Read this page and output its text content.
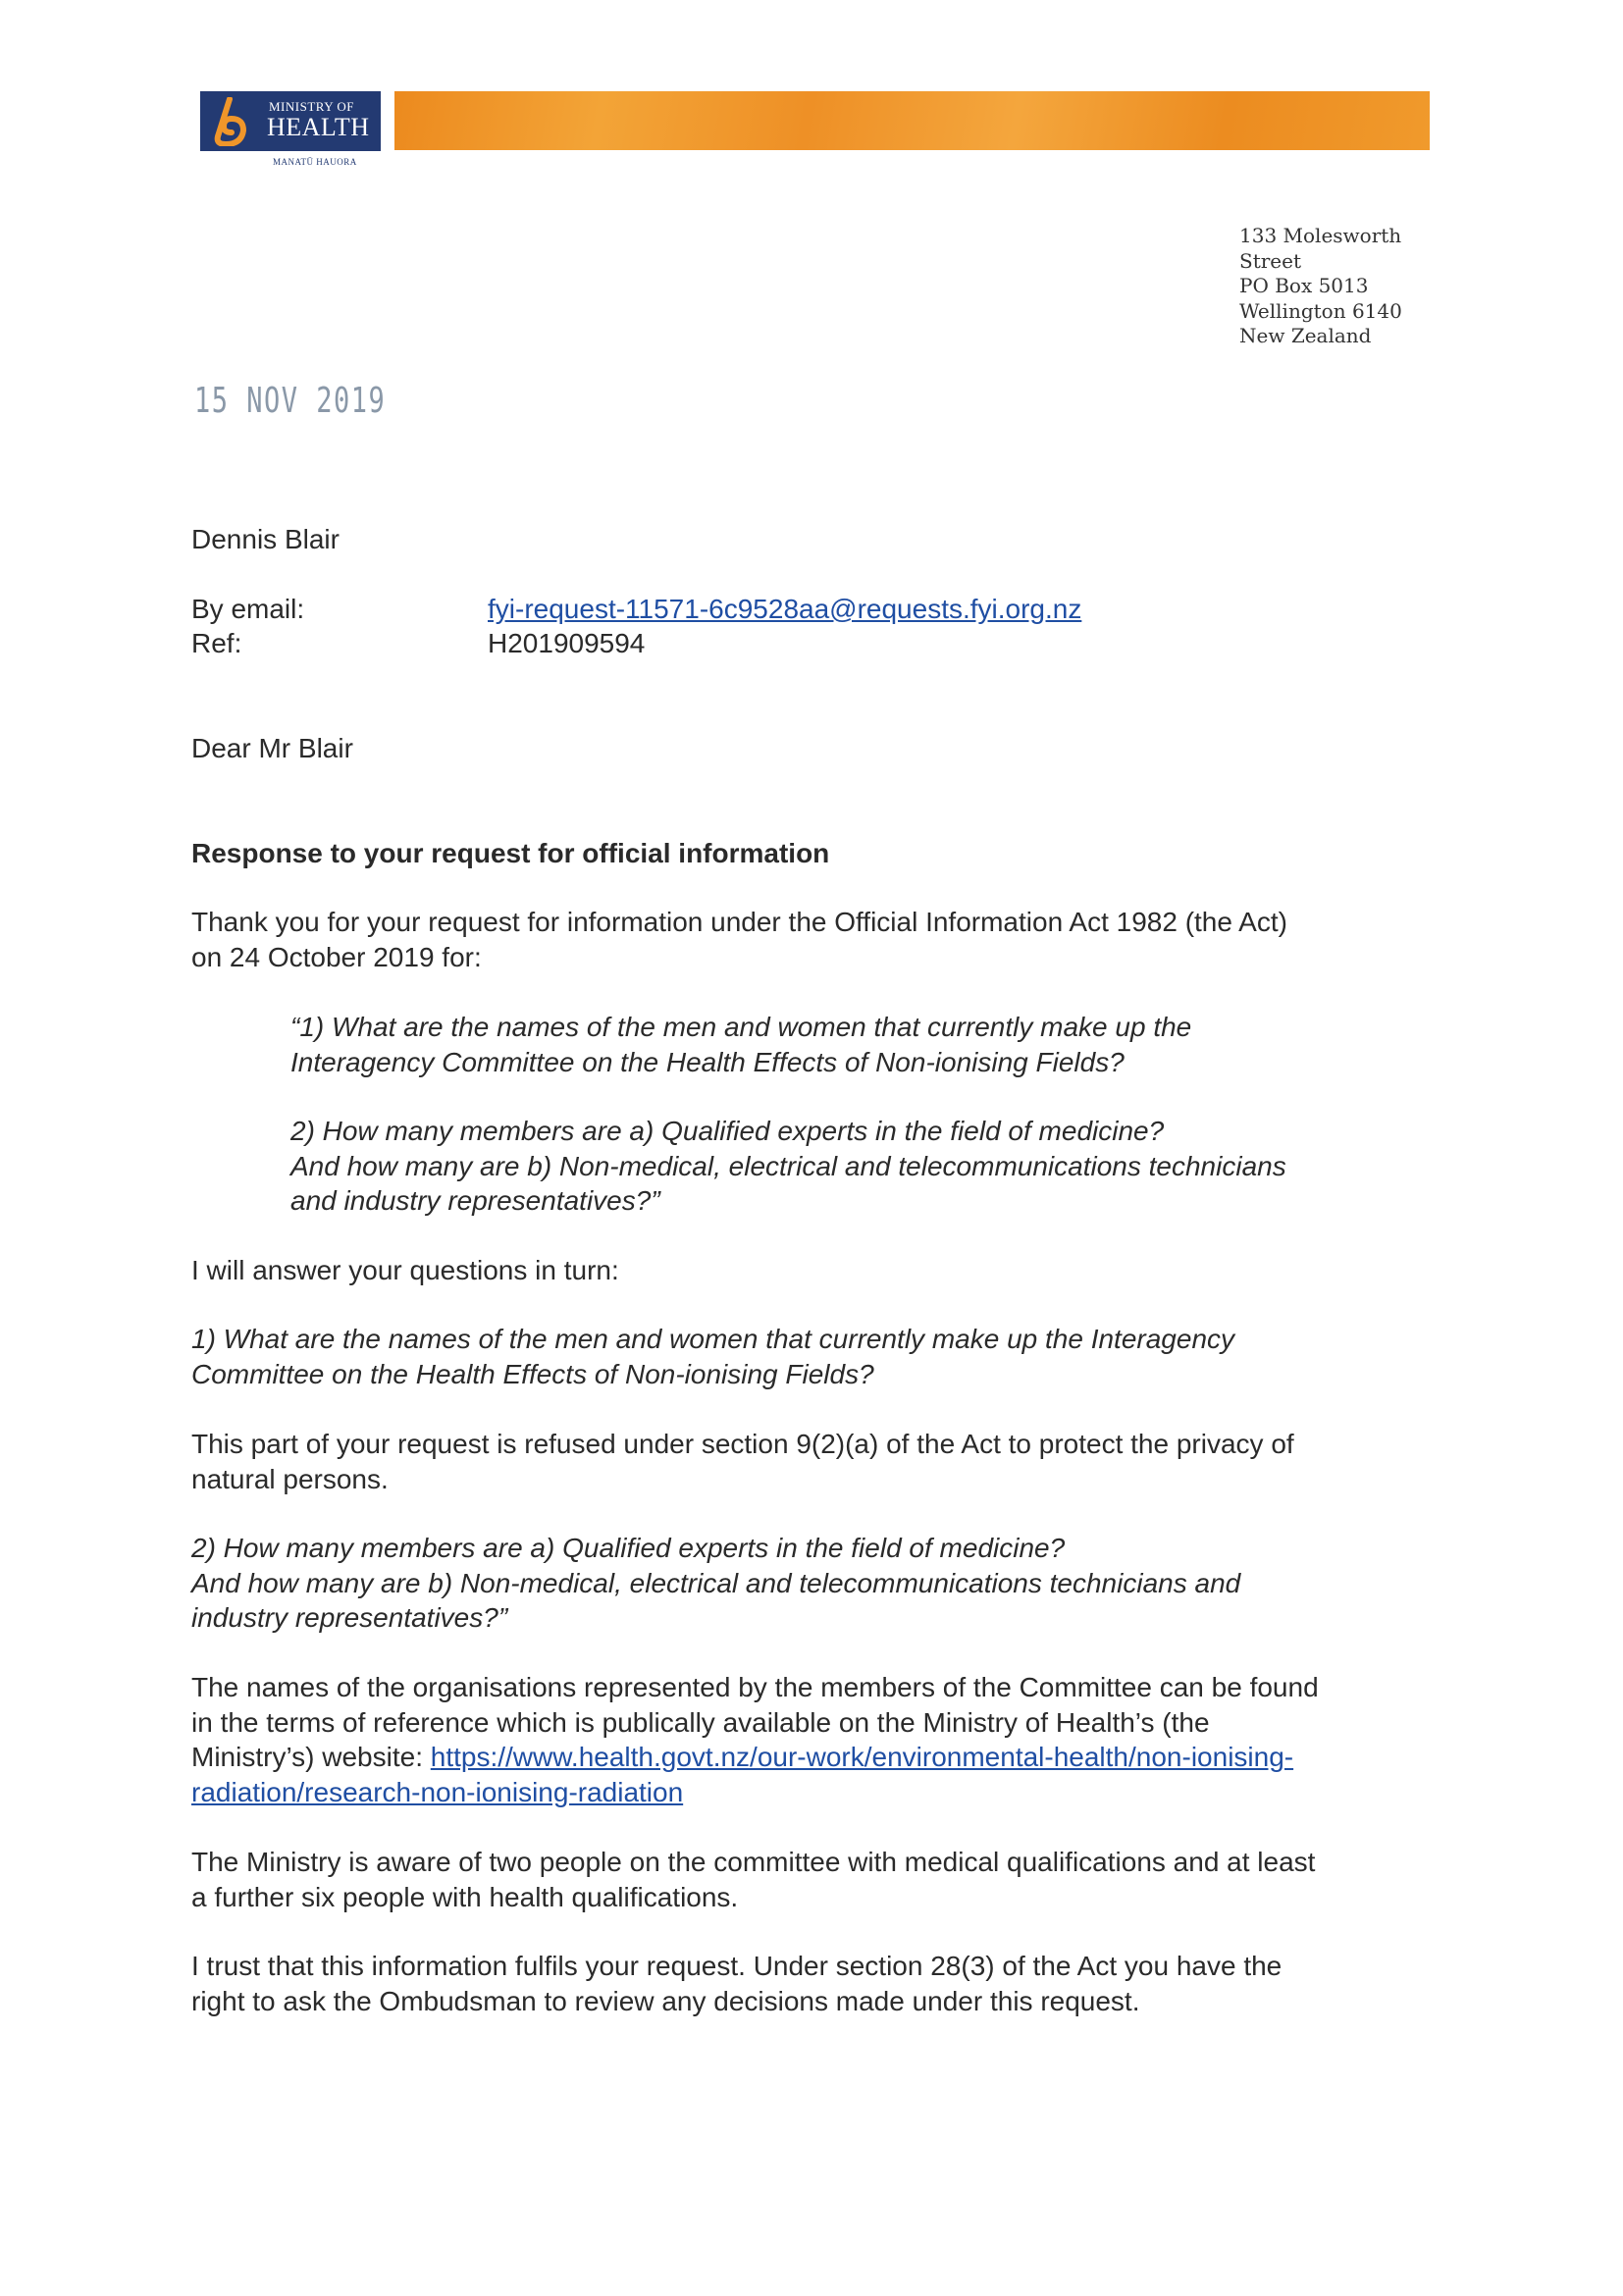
MINISTRY OF
HEALTH
MANATŪ HAUORA
133 Molesworth
Street
PO Box 5013
Wellington 6140
New Zealand
15 NOV 2019
Dennis Blair
By email:	fyi-request-11571-6c9528aa@requests.fyi.org.nz
Ref:	H201909594
Dear Mr Blair
Response to your request for official information
Thank you for your request for information under the Official Information Act 1982 (the Act)
on 24 October 2019 for:
“1) What are the names of the men and women that currently make up the
Interagency Committee on the Health Effects of Non-ionising Fields?
2) How many members are a) Qualified experts in the field of medicine?
And how many are b) Non-medical, electrical and telecommunications technicians
and industry representatives?”
I will answer your questions in turn:
1) What are the names of the men and women that currently make up the Interagency
Committee on the Health Effects of Non-ionising Fields?
This part of your request is refused under section 9(2)(a) of the Act to protect the privacy of
natural persons.
2) How many members are a) Qualified experts in the field of medicine?
And how many are b) Non-medical, electrical and telecommunications technicians and
industry representatives?”
The names of the organisations represented by the members of the Committee can be found
in the terms of reference which is publically available on the Ministry of Health’s (the
Ministry’s) website: https://www.health.govt.nz/our-work/environmental-health/non-ionising-
radiation/research-non-ionising-radiation
The Ministry is aware of two people on the committee with medical qualifications and at least
a further six people with health qualifications.
I trust that this information fulfils your request. Under section 28(3) of the Act you have the
right to ask the Ombudsman to review any decisions made under this request.
